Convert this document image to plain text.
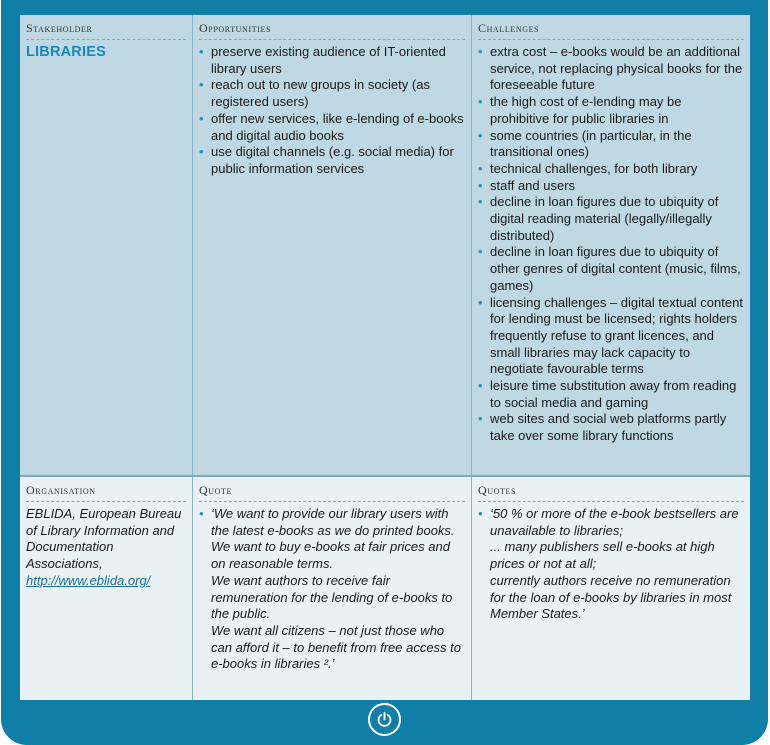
Stakeholder
LIBRARIES
Opportunities
• preserve existing audience of IT-oriented library users
• reach out to new groups in society (as registered users)
• offer new services, like e-lending of e-books and digital audio books
• use digital channels (e.g. social media) for public information services
Challenges
• extra cost – e-books would be an additional service, not replacing physical books for the foreseeable future
• the high cost of e-lending may be prohibitive for public libraries in
• some countries (in particular, in the transitional ones)
• technical challenges, for both library
• staff and users
• decline in loan figures due to ubiquity of digital reading material (legally/illegally distributed)
• decline in loan figures due to ubiquity of other genres of digital content (music, films, games)
• licensing challenges – digital textual content for lending must be licensed; rights holders frequently refuse to grant licences, and small libraries may lack capacity to negotiate favourable terms
• leisure time substitution away from reading to social media and gaming
• web sites and social web platforms partly take over some library functions
Organisation
EBLIDA, European Bureau of Library Information and Documentation Associations, http://www.eblida.org/
Quote
• ‘We want to provide our library users with the latest e-books as we do printed books.
We want to buy e-books at fair prices and on reasonable terms.
We want authors to receive fair remuneration for the lending of e-books to the public.
We want all citizens – not just those who can afford it – to benefit from free access to e-books in libraries ².’
Quotes
• ‘50 % or more of the e-book bestsellers are unavailable to libraries;
... many publishers sell e-books at high prices or not at all;
currently authors receive no remuneration for the loan of e-books by libraries in most Member States.’
